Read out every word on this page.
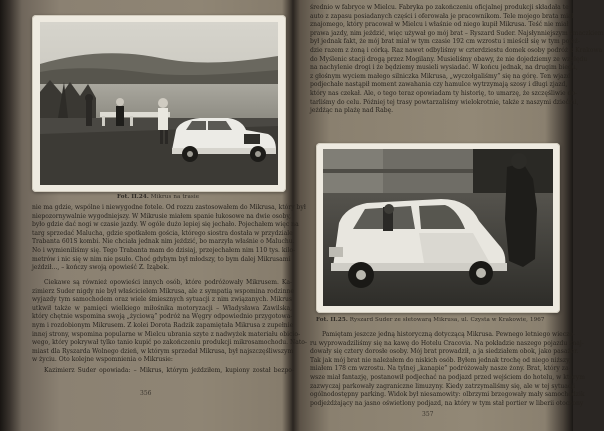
Fot. II.24. Mikrus na trasie
nie ma gdzie, wspólne i niewygodne fotele. Od rozzu zastosowałem do Mikrusa, który był
niepozornywalnie wygodniejszy. W Mikrusie miałem spanie łukosowe na dwie osoby,
było gdzie dać nogi w czasie jazdy. W ogóle dużo lepiej się jechało. Pojechałem więc na
targ sprzedać Malucha, gdzie spotkałem gościa, którego siostra dostała w przydziale
Trabanta 601S kombi. Nie chciała jednak nim jeździć, bo marzyła właśnie o Maluchu.
No i wymieniliśmy się. Tego Trabanta mam do dzisiaj, przejechałem nim 110 tys. kilo-
metrów i nic się w nim nie psuło. Choć gdybym był młodszy, to bym dalej Mikrusami
jeździł..., – kończy swoją opowieść Z. Iząbek.
Ciekawe są również opowieści innych osób, które podróżowały Mikrusem. Ka-
zimierz Suder nigdy nie był właścicielem Mikrusa, ale z sympatią wspomina rodzinne
wyjazdy tym samochodem oraz wiele śmiesznych sytuacji z nim związanych. Mikrus
utkwił także w pamięci wielkiego miłośnika motoryzacji – Władysława Zawilska,
który chętnie wspomina swoją „życiową” podróż na Węgry odpowiednio przygotowa-
nym i rozdobionym Mikrusem. Z kolei Dorota Radzik zapamiętała Mikrusa z zupełnie
innej strony, wspomina popularne w Mielcu ubrania szyte z nadwyżek materiału obicio-
wego, który pokrywał tylko tanio kupić po zakończeniu produkcji mikrosamochodu. Nato-
miast dla Ryszarda Wolnego dzień, w którym sprzedał Mikrusa, był najszczęśliwszym
w życiu. Oto kolejne wspomnienia o Mikrusie:
Kazimierz Suder opowiada: – Mikrus, którym jeździłem, kupiony został bezpo-
356
średnio w fabryce w Mielcu. Fabryka po zakończeniu oficjalnej produkcji składała te
auto z zapasu posiadanych części i oferowała je pracownikom. Tele mojego brata miał
znajomego, który pracował w Mielcu i właśnie od niego kupił Mikrusa. Teść nie miał
prawa jazdy, nim jeździć, więc używał go mój brat – Ryszard Suder. Najsłynniejszym smaczkiem
był jednak fakt, że mój brat miał w tym czasie 192 cm wzrostu i mieścił się w tym pojeź-
dzie razem z żoną i córką. Raz nawet odbyliśmy w czterdziestu domek osoby podróż z Krakowa
do Myślenic stacji drogą przez Mogilany. Musieliśmy obawy, że nie dojedziemy ze względu
na nachylenie drogi i że będziemy musieli wysiadać. W końcu jednak, na drugim biegu,
z głośnym wyciem małego silniczka Mikrusa, „wyczołgaliśmy” się na górę. Ten wjazd
podjechałe nastąpił moment zawahania czy hamulce wytrzymają szosy i długi zjazd,
który nas czekał. Ale, o tego teraz opowiadam ty historię, to umarzę, że szczęśliwie do-
tarliśmy do celu. Później tej trasy powtarzaliśmy wielokrotnie, także z naszymi dziećmi,
jeżdżąc na plażę nad Rabę.
Fot. II.25. Ryszard Suder ze słetowarą Mikrusa, ul. Czysta w Krakowie, 1967
Pamiętam jeszcze jedną historyczną dotyczącą Mikrusa. Pewnego letniego wieczo-
ru wyprowadziliśmy się na kawę do Hotelu Cracovia. Na pokładzie naszego pojazdu znaj-
dowały się cztery dorosłe osoby. Mój brat prowadził, a ja siedziałem obok, jako pasażer.
Tak jak mój brat nie należałem do niskich osób. Byłem jednak trochę od niego niższy,
miałem 178 cm wzrostu. Na tylnej „kanapie” podróżowały nasze żony. Brat, który za-
wsze miał fantazję, postanowił podjechać na podjazd przed wejściem do hotelu, w którym
zazwyczaj parkowały zagraniczne limuzyny. Kiedy zatrzymaliśmy się, ale w tej sytuacji
ogólnodostępny parking. Widok był niesamowity: olbrzymi brzegowały mały samochodzik
podjeżdżający na jasno oświetlony podjazd, na który w tym stał portier w liberii otoczony
357
